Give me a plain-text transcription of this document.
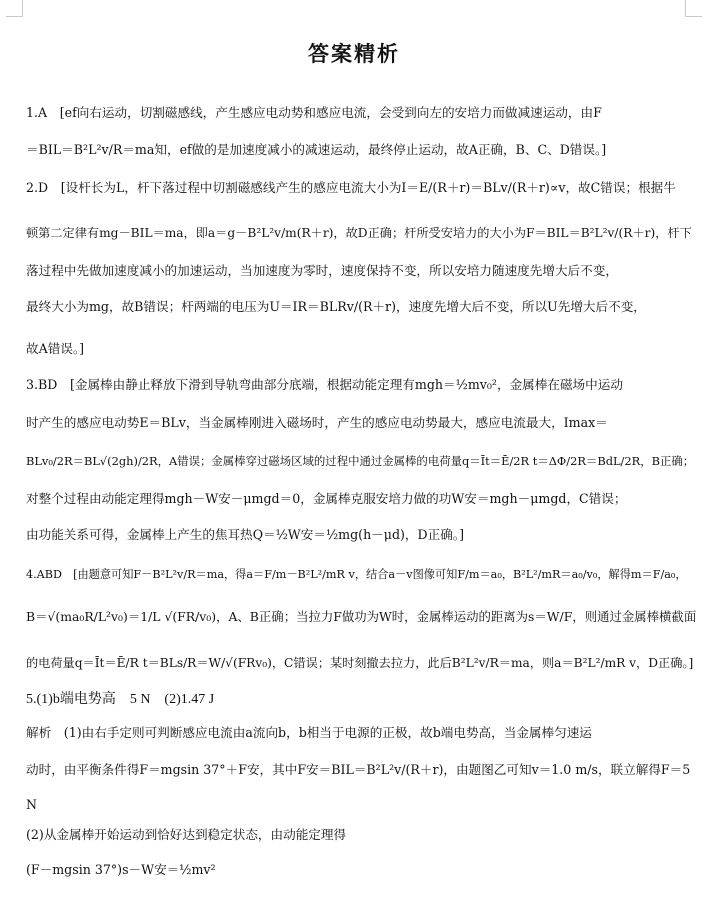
答案精析
1.A　[ef向右运动，切割磁感线，产生感应电动势和感应电流，会受到向左的安培力而做减速运动，由F
＝BIL＝B²L²v/R＝ma知，ef做的是加速度减小的减速运动，最终停止运动，故A正确，B、C、D错误。]
2.D　[设杆长为L，杆下落过程中切割磁感线产生的感应电流大小为I＝E/(R＋r)＝BLv/(R＋r)∝v，故C错误；根据牛
顿第二定律有mg－BIL＝ma，即a＝g－B²L²v/m(R＋r)，故D正确；杆所受安培力的大小为F＝BIL＝B²L²v/(R＋r)，杆下
落过程中先做加速度减小的加速运动，当加速度为零时，速度保持不变，所以安培力随速度先增大后不变，
最终大小为mg，故B错误；杆两端的电压为U＝IR＝BLRv/(R＋r)，速度先增大后不变，所以U先增大后不变，
故A错误。]
3.BD　[金属棒由静止释放下滑到导轨弯曲部分底端，根据动能定理有mgh＝½mv₀²，金属棒在磁场中运动
时产生的感应电动势E＝BLv，当金属棒刚进入磁场时，产生的感应电动势最大，感应电流最大，Imax＝
BLv₀/2R＝BL√(2gh)/2R，A错误；金属棒穿过磁场区域的过程中通过金属棒的电荷量q＝Īt＝Ē/2R t＝ΔΦ/2R＝BdL/2R，B正确；
对整个过程由动能定理得mgh－W安－μmgd＝0，金属棒克服安培力做的功W安＝mgh－μmgd，C错误；
由功能关系可得，金属棒上产生的焦耳热Q＝½W安＝½mg(h－μd)，D正确。]
4.ABD　[由题意可知F－B²L²v/R＝ma，得a＝F/m－B²L²/mR v，结合a－v图像可知F/m＝a₀，B²L²/mR＝a₀/v₀，解得m＝F/a₀，
B＝√(ma₀R/L²v₀)＝1/L √(FR/v₀)，A、B正确；当拉力F做功为W时，金属棒运动的距离为s＝W/F，则通过金属棒横截面
的电荷量q＝Īt＝Ē/R t＝BLs/R＝W/√(FRv₀)，C错误；某时刻撤去拉力，此后B²L²v/R＝ma，则a＝B²L²/mR v，D正确。]
5.(1)b端电势高　5 N　(2)1.47 J
解析　(1)由右手定则可判断感应电流由a流向b，b相当于电源的正极，故b端电势高，当金属棒匀速运
动时，由平衡条件得F＝mgsin 37°＋F安，其中F安＝BIL＝B²L²v/(R＋r)，由题图乙可知v＝1.0 m/s，联立解得F＝5
N
(2)从金属棒开始运动到恰好达到稳定状态，由动能定理得
(F－mgsin 37°)s－W安＝½mv²
